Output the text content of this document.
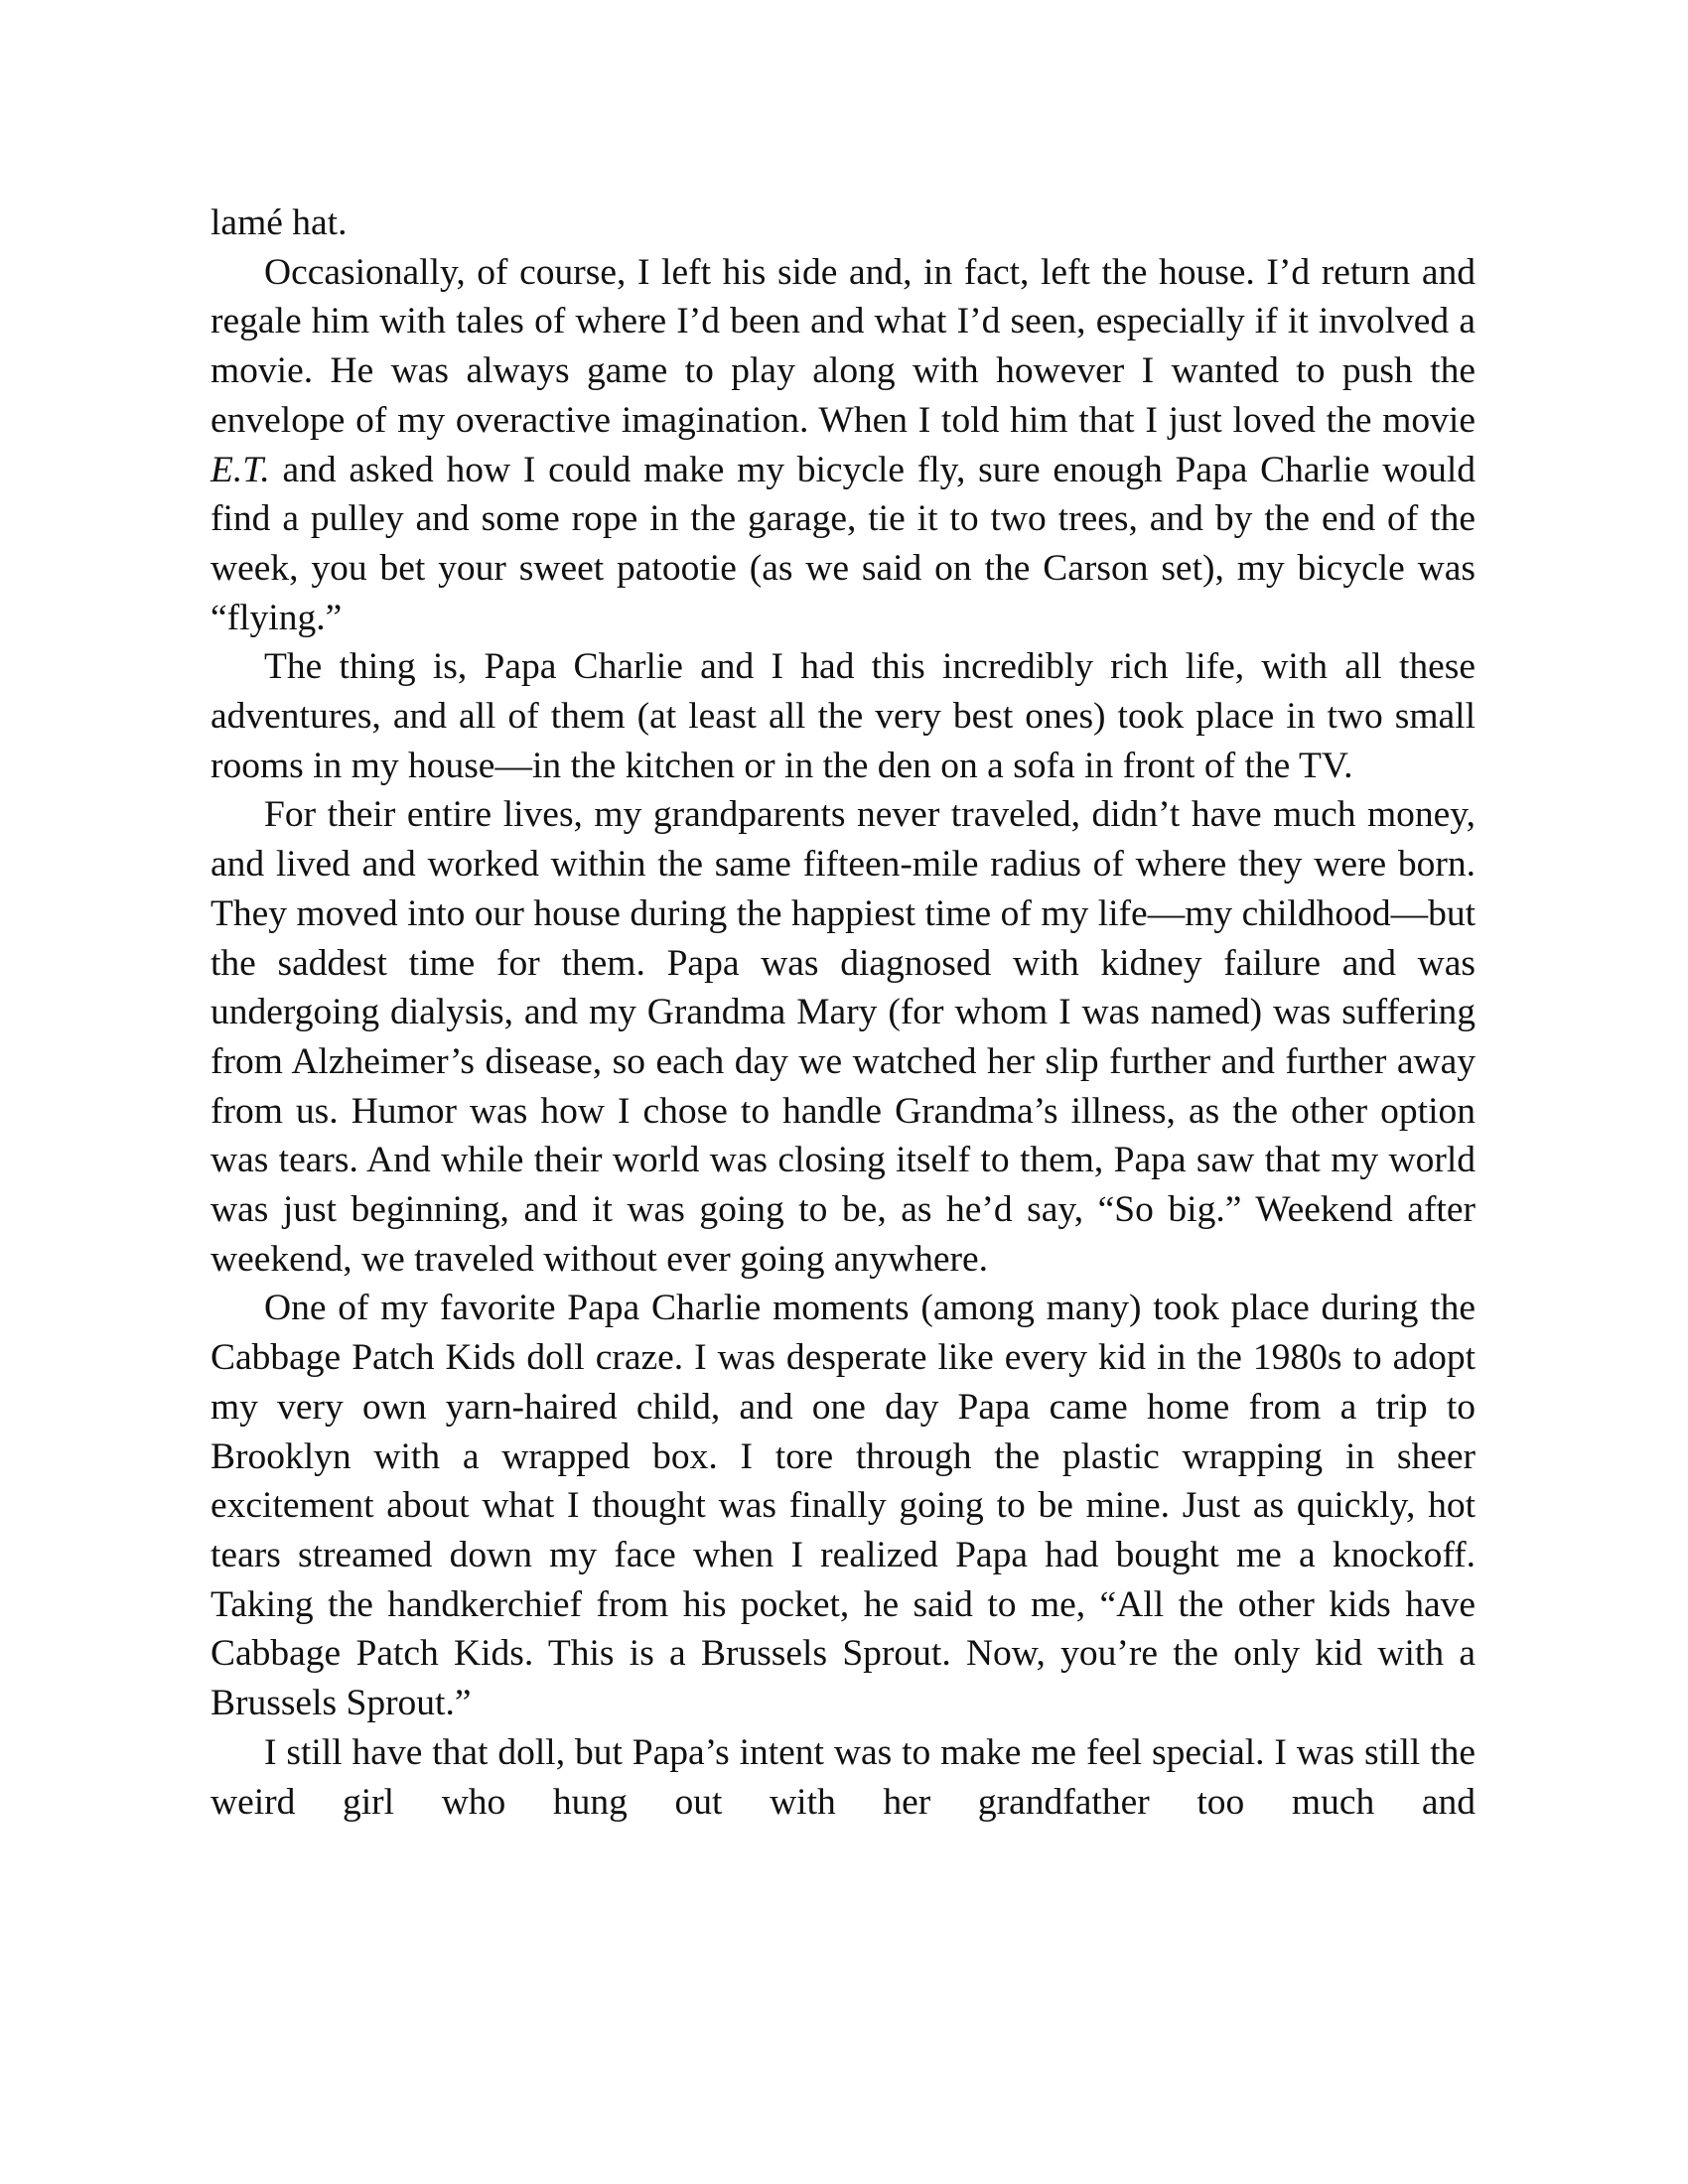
lamé hat.

Occasionally, of course, I left his side and, in fact, left the house. I’d return and regale him with tales of where I’d been and what I’d seen, especially if it involved a movie. He was always game to play along with however I wanted to push the envelope of my overactive imagination. When I told him that I just loved the movie E.T. and asked how I could make my bicycle fly, sure enough Papa Charlie would find a pulley and some rope in the garage, tie it to two trees, and by the end of the week, you bet your sweet patootie (as we said on the Carson set), my bicycle was “flying.”

The thing is, Papa Charlie and I had this incredibly rich life, with all these adventures, and all of them (at least all the very best ones) took place in two small rooms in my house—in the kitchen or in the den on a sofa in front of the TV.

For their entire lives, my grandparents never traveled, didn’t have much money, and lived and worked within the same fifteen-mile radius of where they were born. They moved into our house during the happiest time of my life—my childhood—but the saddest time for them. Papa was diagnosed with kidney failure and was undergoing dialysis, and my Grandma Mary (for whom I was named) was suffering from Alzheimer’s disease, so each day we watched her slip further and further away from us. Humor was how I chose to handle Grandma’s illness, as the other option was tears. And while their world was closing itself to them, Papa saw that my world was just beginning, and it was going to be, as he’d say, “So big.” Weekend after weekend, we traveled without ever going anywhere.

One of my favorite Papa Charlie moments (among many) took place during the Cabbage Patch Kids doll craze. I was desperate like every kid in the 1980s to adopt my very own yarn-haired child, and one day Papa came home from a trip to Brooklyn with a wrapped box. I tore through the plastic wrapping in sheer excitement about what I thought was finally going to be mine. Just as quickly, hot tears streamed down my face when I realized Papa had bought me a knockoff. Taking the handkerchief from his pocket, he said to me, “All the other kids have Cabbage Patch Kids. This is a Brussels Sprout. Now, you’re the only kid with a Brussels Sprout.”

I still have that doll, but Papa’s intent was to make me feel special. I was still the weird girl who hung out with her grandfather too much and
